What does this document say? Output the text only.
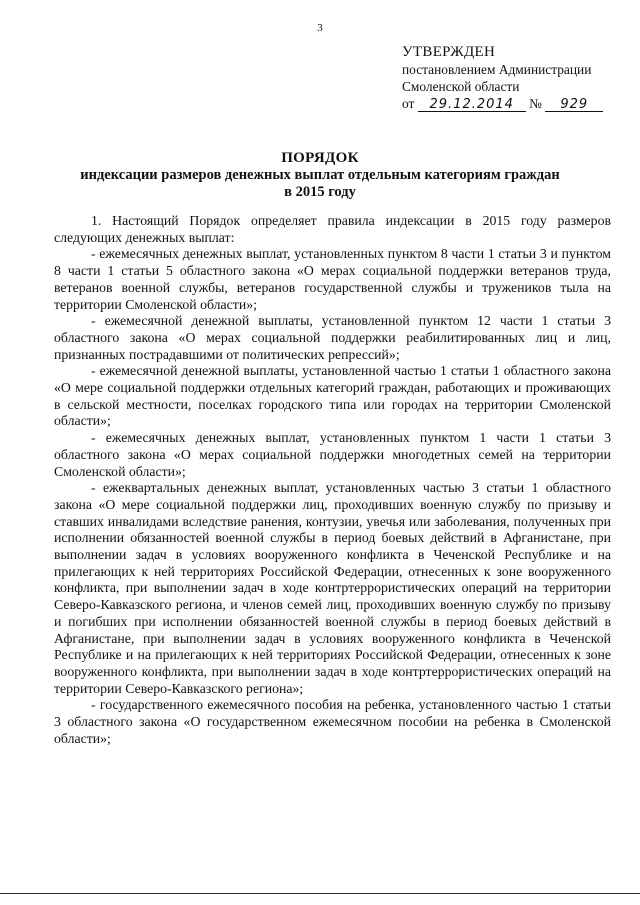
3
УТВЕРЖДЕН
постановлением Администрации
Смоленской области
от 29.12.2014 № 929
ПОРЯДОК
индексации размеров денежных выплат отдельным категориям граждан
в 2015 году

1. Настоящий Порядок определяет правила индексации в 2015 году размеров следующих денежных выплат:

- ежемесячных денежных выплат, установленных пунктом 8 части 1 статьи 3 и пунктом 8 части 1 статьи 5 областного закона «О мерах социальной поддержки ветеранов труда, ветеранов военной службы, ветеранов государственной службы и тружеников тыла на территории Смоленской области»;

- ежемесячной денежной выплаты, установленной пунктом 12 части 1 статьи 3 областного закона «О мерах социальной поддержки реабилитированных лиц и лиц, признанных пострадавшими от политических репрессий»;

- ежемесячной денежной выплаты, установленной частью 1 статьи 1 областного закона «О мере социальной поддержки отдельных категорий граждан, работающих и проживающих в сельской местности, поселках городского типа или городах на территории Смоленской области»;

- ежемесячных денежных выплат, установленных пунктом 1 части 1 статьи 3 областного закона «О мерах социальной поддержки многодетных семей на территории Смоленской области»;

- ежеквартальных денежных выплат, установленных частью 3 статьи 1 областного закона «О мере социальной поддержки лиц, проходивших военную службу по призыву и ставших инвалидами вследствие ранения, контузии, увечья или заболевания, полученных при исполнении обязанностей военной службы в период боевых действий в Афганистане, при выполнении задач в условиях вооруженного конфликта в Чеченской Республике и на прилегающих к ней территориях Российской Федерации, отнесенных к зоне вооруженного конфликта, при выполнении задач в ходе контртеррористических операций на территории Северо-Кавказского региона, и членов семей лиц, проходивших военную службу по призыву и погибших при исполнении обязанностей военной службы в период боевых действий в Афганистане, при выполнении задач в условиях вооруженного конфликта в Чеченской Республике и на прилегающих к ней территориях Российской Федерации, отнесенных к зоне вооруженного конфликта, при выполнении задач в ходе контртеррористических операций на территории Северо-Кавказского региона»;

- государственного ежемесячного пособия на ребенка, установленного частью 1 статьи 3 областного закона «О государственном ежемесячном пособии на ребенка в Смоленской области»;
